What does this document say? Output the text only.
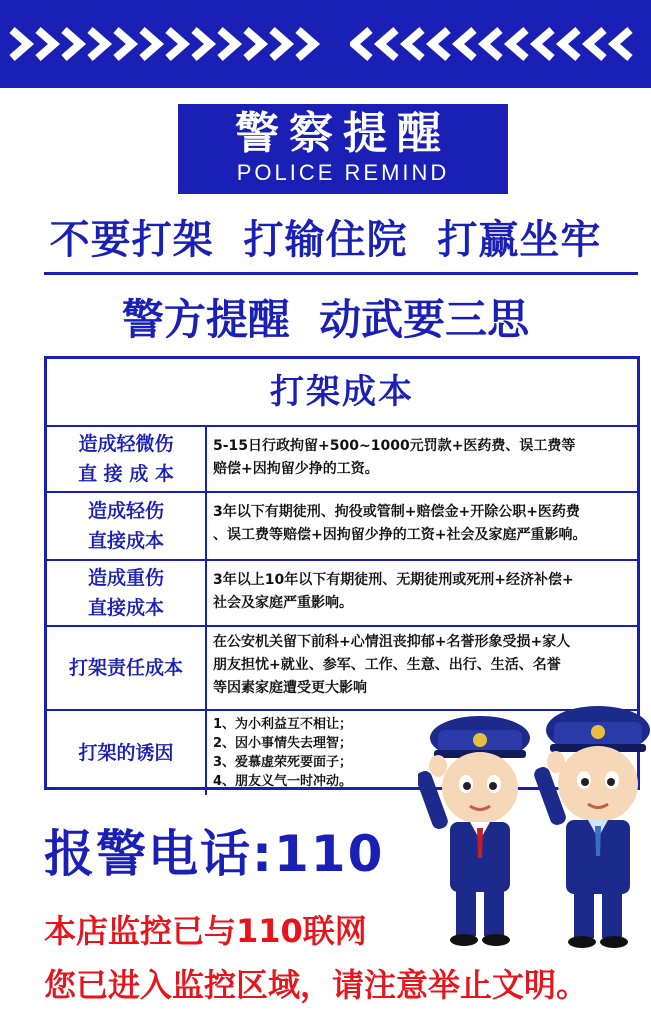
警察提醒
POLICE REMIND
不要打架  打输住院  打赢坐牢
警方提醒  动武要三思
打架成本
造成轻微伤
直 接 成 本
5-15日行政拘留+500~1000元罚款+医药费、误工费等
赔偿+因拘留少挣的工资。
造成轻伤
直接成本
3年以下有期徒刑、拘役或管制+赔偿金+开除公职+医药费
、误工费等赔偿+因拘留少挣的工资+社会及家庭严重影响。
造成重伤
直接成本
3年以上10年以下有期徒刑、无期徒刑或死刑+经济补偿+
社会及家庭严重影响。
打架责任成本
在公安机关留下前科+心情沮丧抑郁+名誉形象受损+家人
朋友担忧+就业、参军、工作、生意、出行、生活、名誉
等因素家庭遭受更大影响
打架的诱因
1、为小利益互不相让；
2、因小事情失去理智；
3、爱慕虚荣死要面子；
4、朋友义气一时冲动。
报警电话:110
本店监控已与110联网
您已进入监控区域，请注意举止文明。
